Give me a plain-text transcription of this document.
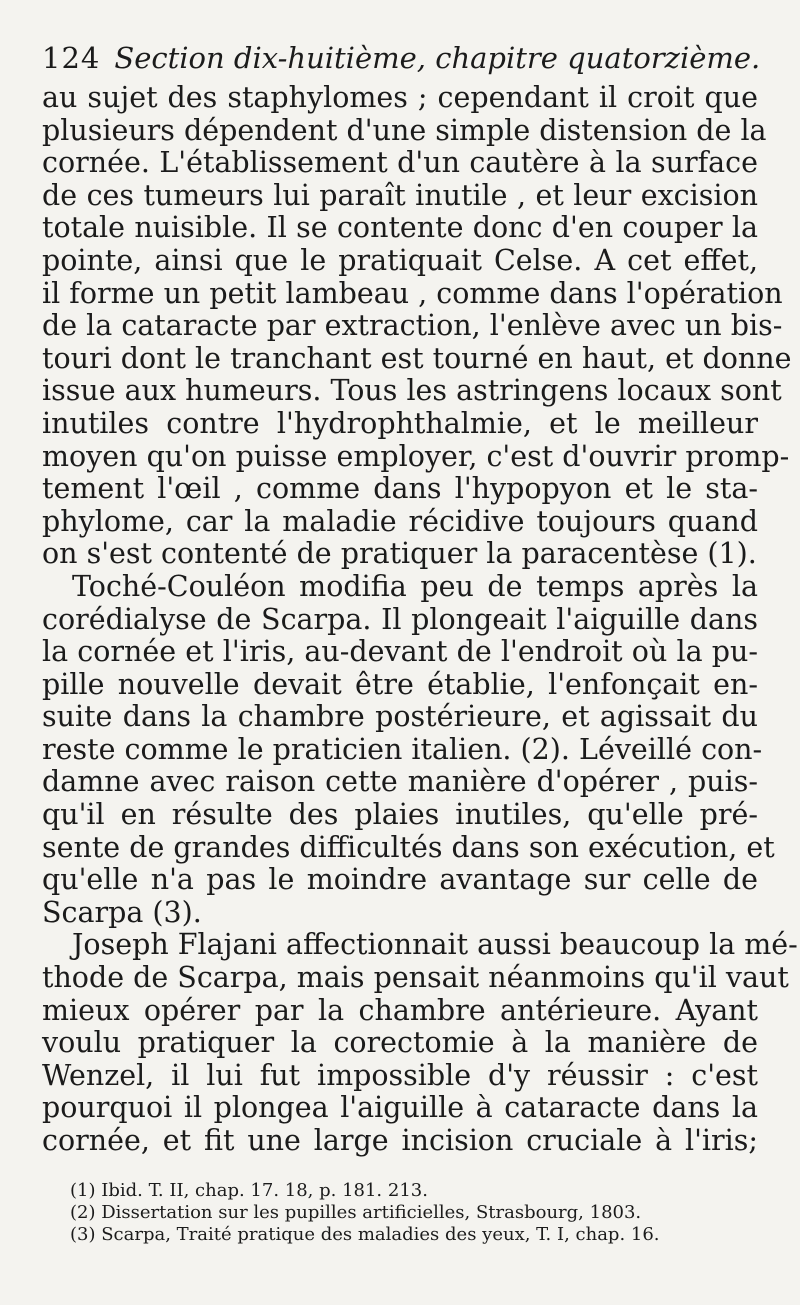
124 Section dix-huitième, chapitre quatorzième.
au sujet des staphylomes ; cependant il croit que
plusieurs dépendent d'une simple distension de la
cornée. L'établissement d'un cautère à la surface
de ces tumeurs lui paraît inutile , et leur excision
totale nuisible. Il se contente donc d'en couper la
pointe, ainsi que le pratiquait Celse. A cet effet,
il forme un petit lambeau , comme dans l'opération
de la cataracte par extraction, l'enlève avec un bis-
touri dont le tranchant est tourné en haut, et donne
issue aux humeurs. Tous les astringens locaux sont
inutiles contre l'hydrophthalmie, et le meilleur
moyen qu'on puisse employer, c'est d'ouvrir promp-
tement l'œil , comme dans l'hypopyon et le sta-
phylome, car la maladie récidive toujours quand
on s'est contenté de pratiquer la paracentèse (1).
Toché-Couléon modifia peu de temps après la
corédialyse de Scarpa. Il plongeait l'aiguille dans
la cornée et l'iris, au-devant de l'endroit où la pu-
pille nouvelle devait être établie, l'enfonçait en-
suite dans la chambre postérieure, et agissait du
reste comme le praticien italien. (2). Léveillé con-
damne avec raison cette manière d'opérer , puis-
qu'il en résulte des plaies inutiles, qu'elle pré-
sente de grandes difficultés dans son exécution, et
qu'elle n'a pas le moindre avantage sur celle de
Scarpa (3).
Joseph Flajani affectionnait aussi beaucoup la mé-
thode de Scarpa, mais pensait néanmoins qu'il vaut
mieux opérer par la chambre antérieure. Ayant
voulu pratiquer la corectomie à la manière de
Wenzel, il lui fut impossible d'y réussir : c'est
pourquoi il plongea l'aiguille à cataracte dans la
cornée, et fit une large incision cruciale à l'iris;
(1) Ibid. T. II, chap. 17. 18, p. 181. 213.
(2) Dissertation sur les pupilles artificielles, Strasbourg, 1803.
(3) Scarpa, Traité pratique des maladies des yeux, T. I, chap. 16.
